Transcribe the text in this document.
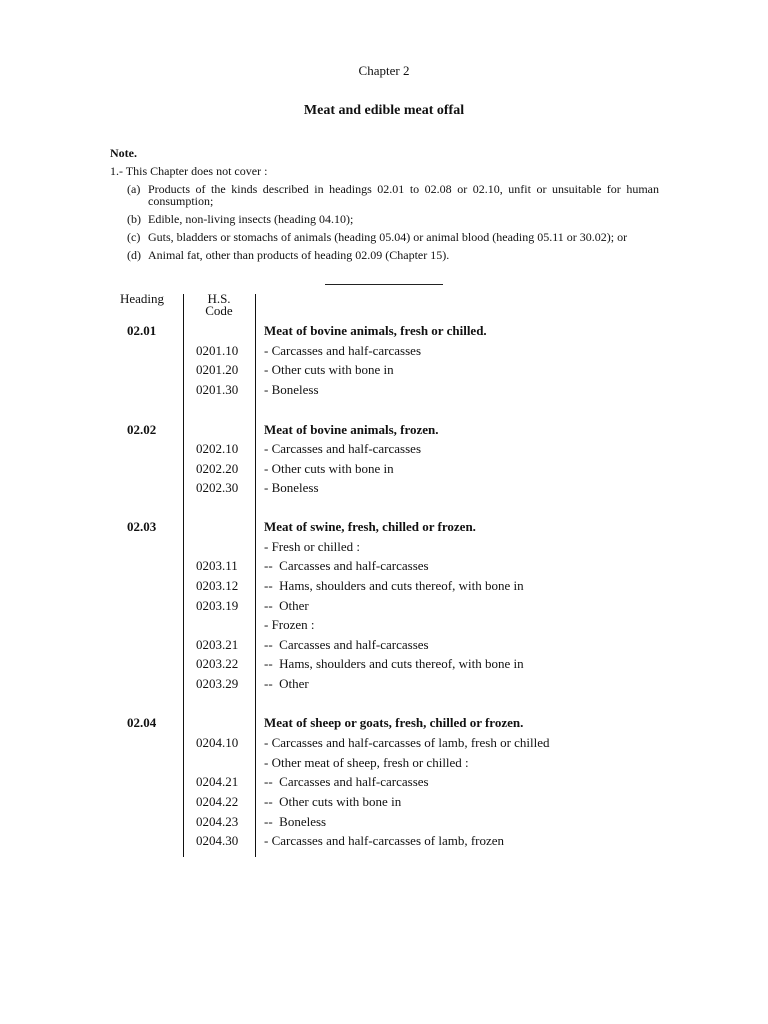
Chapter 2
Meat and edible meat offal
Note.
1.- This Chapter does not cover :
(a) Products of the kinds described in headings 02.01 to 02.08 or 02.10, unfit or unsuitable for human consumption;
(b) Edible, non-living insects (heading 04.10);
(c) Guts, bladders or stomachs of animals (heading 05.04) or animal blood (heading 05.11 or 30.02); or
(d) Animal fat, other than products of heading 02.09 (Chapter 15).
Heading	H.S.
Code
02.01	Meat of bovine animals, fresh or chilled.
0201.10 - Carcasses and half-carcasses
0201.20 - Other cuts with bone in
0201.30 - Boneless
02.02	Meat of bovine animals, frozen.
0202.10 - Carcasses and half-carcasses
0202.20 - Other cuts with bone in
0202.30 - Boneless
02.03	Meat of swine, fresh, chilled or frozen.
- Fresh or chilled :
0203.11 --  Carcasses and half-carcasses
0203.12 --  Hams, shoulders and cuts thereof, with bone in
0203.19 --  Other
- Frozen :
0203.21 --  Carcasses and half-carcasses
0203.22 --  Hams, shoulders and cuts thereof, with bone in
0203.29 --  Other
02.04	Meat of sheep or goats, fresh, chilled or frozen.
0204.10 - Carcasses and half-carcasses of lamb, fresh or chilled
- Other meat of sheep, fresh or chilled :
0204.21 --  Carcasses and half-carcasses
0204.22 --  Other cuts with bone in
0204.23 --  Boneless
0204.30 - Carcasses and half-carcasses of lamb, frozen
